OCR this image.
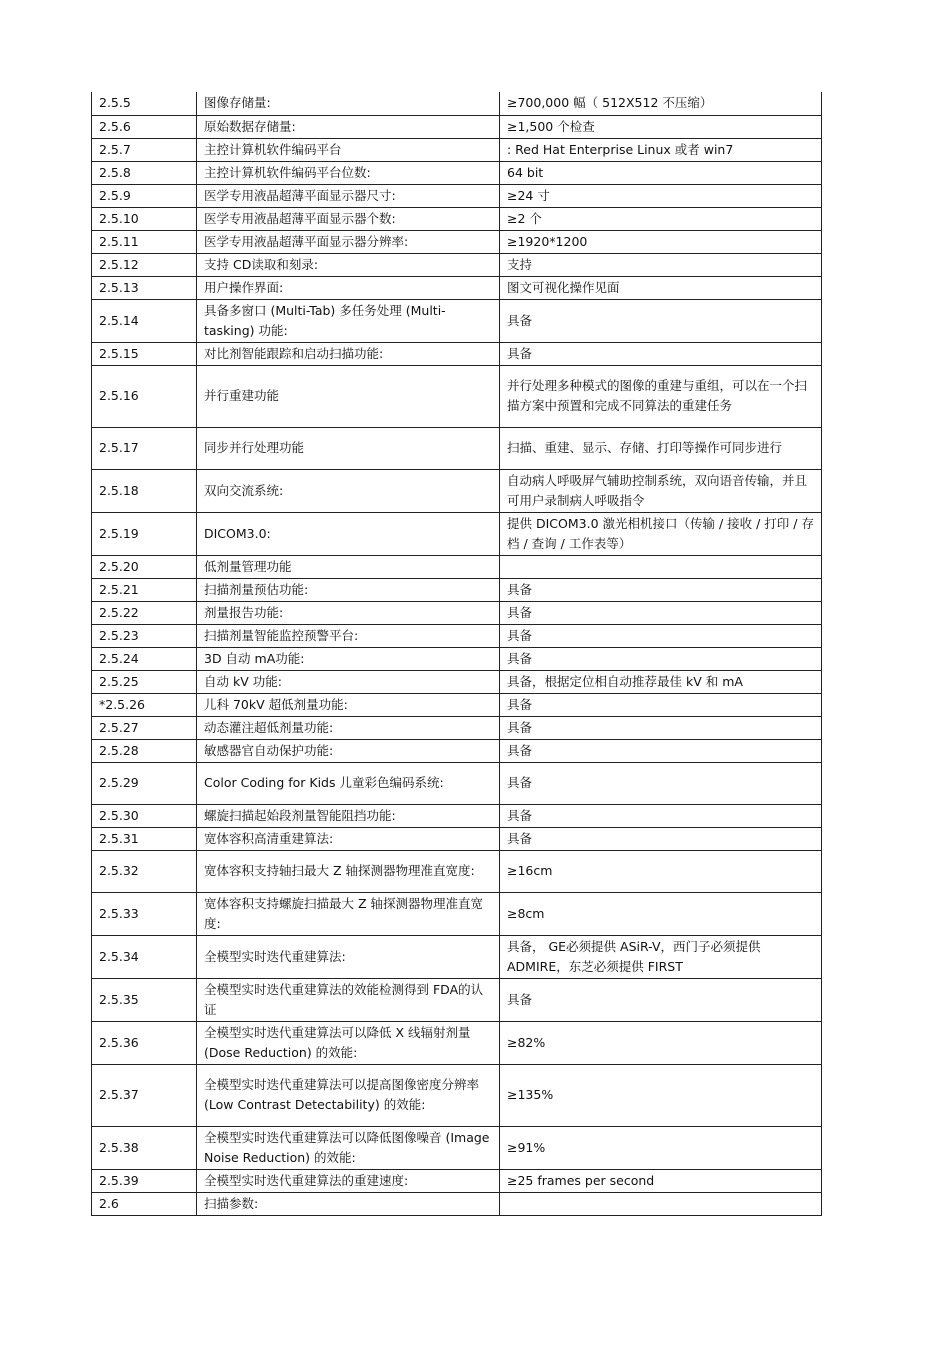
2.5.5	图像存储量:	≥700,000 幅（ 512X512 不压缩）
2.5.6	原始数据存储量:	≥1,500 个检查
2.5.7	主控计算机软件编码平台	: Red Hat Enterprise Linux 或者 win7
2.5.8	主控计算机软件编码平台位数:	64 bit
2.5.9	医学专用液晶超薄平面显示器尺寸:	≥24 寸
2.5.10	医学专用液晶超薄平面显示器个数:	≥2 个
2.5.11	医学专用液晶超薄平面显示器分辨率:	≥1920*1200
2.5.12	支持 CD读取和刻录:	支持
2.5.13	用户操作界面:	图文可视化操作见面
2.5.14	具备多窗口 (Multi-Tab) 多任务处理 (Multi-tasking) 功能:	具备
2.5.15	对比剂智能跟踪和启动扫描功能:	具备
2.5.16	并行重建功能	并行处理多种模式的图像的重建与重组，可以在一个扫描方案中预置和完成不同算法的重建任务
2.5.17	同步并行处理功能	扫描、重建、显示、存储、打印等操作可同步进行
2.5.18	双向交流系统:	自动病人呼吸屏气辅助控制系统，双向语音传输，并且可用户录制病人呼吸指令
2.5.19	DICOM3.0:	提供 DICOM3.0 激光相机接口（传输 / 接收 / 打印 / 存档 / 查询 / 工作表等）
2.5.20	低剂量管理功能	
2.5.21	扫描剂量预估功能:	具备
2.5.22	剂量报告功能:	具备
2.5.23	扫描剂量智能监控预警平台:	具备
2.5.24	3D 自动 mA功能:	具备
2.5.25	自动 kV 功能:	具备，根据定位相自动推荐最佳 kV 和 mA
*2.5.26	儿科 70kV 超低剂量功能:	具备
2.5.27	动态灌注超低剂量功能:	具备
2.5.28	敏感器官自动保护功能:	具备
2.5.29	Color Coding for Kids 儿童彩色编码系统:	具备
2.5.30	螺旋扫描起始段剂量智能阻挡功能:	具备
2.5.31	宽体容积高清重建算法:	具备
2.5.32	宽体容积支持轴扫最大 Z 轴探测器物理准直宽度:	≥16cm
2.5.33	宽体容积支持螺旋扫描最大 Z 轴探测器物理准直宽度:	≥8cm
2.5.34	全模型实时迭代重建算法:	具备， GE必须提供 ASiR-V，西门子必须提供 ADMIRE，东芝必须提供 FIRST
2.5.35	全模型实时迭代重建算法的效能检测得到 FDA的认证	具备
2.5.36	全模型实时迭代重建算法可以降低 X 线辐射剂量 (Dose Reduction) 的效能:	≥82%
2.5.37	全模型实时迭代重建算法可以提高图像密度分辨率 (Low Contrast Detectability) 的效能:	≥135%
2.5.38	全模型实时迭代重建算法可以降低图像噪音 (Image Noise Reduction) 的效能:	≥91%
2.5.39	全模型实时迭代重建算法的重建速度:	≥25 frames per second
2.6	扫描参数:	
